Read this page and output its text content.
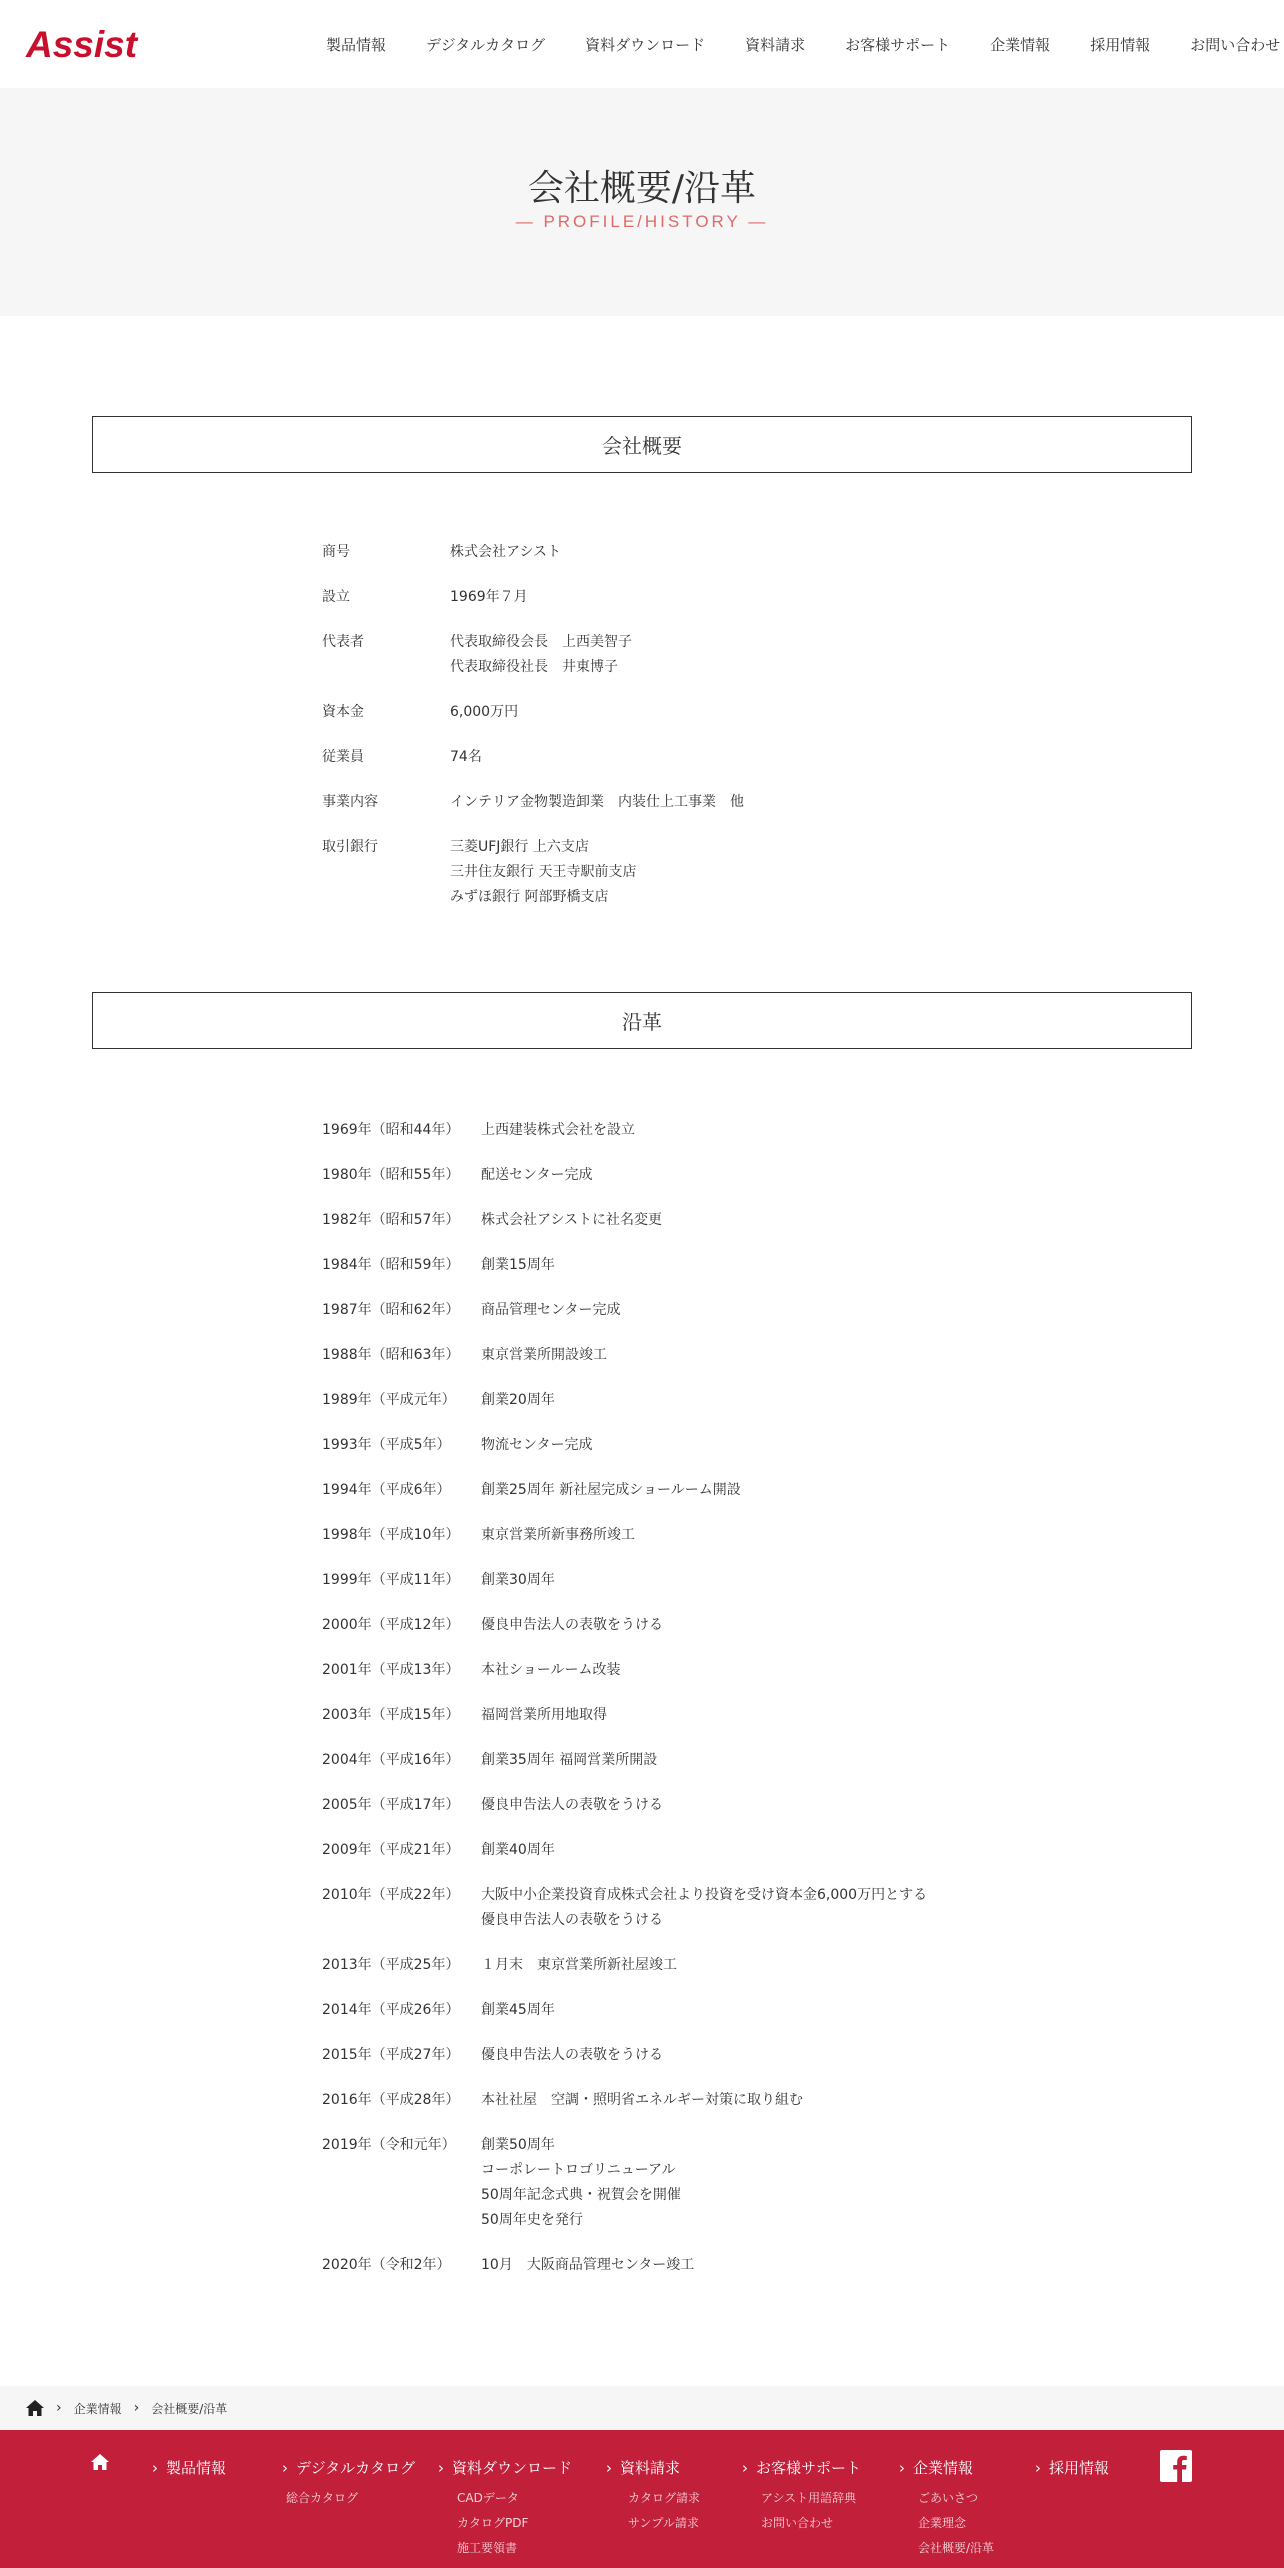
Assist	製品情報	デジタルカタログ	資料ダウンロード	資料請求	お客様サポート	企業情報	採用情報	お問い合わせ
会社概要/沿革
― PROFILE/HISTORY ―
会社概要
商号	株式会社アシスト
設立	1969年７月
代表者	代表取締役会長　上西美智子
代表取締役社長　井東博子
資本金	6,000万円
従業員	74名
事業内容	インテリア金物製造卸業　内装仕上工事業　他
取引銀行	三菱UFJ銀行 上六支店
三井住友銀行 天王寺駅前支店
みずほ銀行 阿部野橋支店
沿革
1969年（昭和44年）	上西建装株式会社を設立
1980年（昭和55年）	配送センター完成
1982年（昭和57年）	株式会社アシストに社名変更
1984年（昭和59年）	創業15周年
1987年（昭和62年）	商品管理センター完成
1988年（昭和63年）	東京営業所開設竣工
1989年（平成元年）	創業20周年
1993年（平成5年）	物流センター完成
1994年（平成6年）	創業25周年 新社屋完成ショールーム開設
1998年（平成10年）	東京営業所新事務所竣工
1999年（平成11年）	創業30周年
2000年（平成12年）	優良申告法人の表敬をうける
2001年（平成13年）	本社ショールーム改装
2003年（平成15年）	福岡営業所用地取得
2004年（平成16年）	創業35周年 福岡営業所開設
2005年（平成17年）	優良申告法人の表敬をうける
2009年（平成21年）	創業40周年
2010年（平成22年）	大阪中小企業投資育成株式会社より投資を受け資本金6,000万円とする
優良申告法人の表敬をうける
2013年（平成25年）	１月末　東京営業所新社屋竣工
2014年（平成26年）	創業45周年
2015年（平成27年）	優良申告法人の表敬をうける
2016年（平成28年）	本社社屋　空調・照明省エネルギー対策に取り組む
2019年（令和元年）	創業50周年
コーポレートロゴリニューアル
50周年記念式典・祝賀会を開催
50周年史を発行
2020年（令和2年）	10月　大阪商品管理センター竣工
› 企業情報 › 会社概要/沿革
› 製品情報	› デジタルカタログ › 資料ダウンロード › 資料請求	› お客様サポート	› 企業情報	› 採用情報
総合カタログ	CADデータ
カタログPDF
施工要領書
カタログ請求
サンプル請求
アシスト用語辞典
お問い合わせ
ごあいさつ
企業理念
会社概要/沿革
